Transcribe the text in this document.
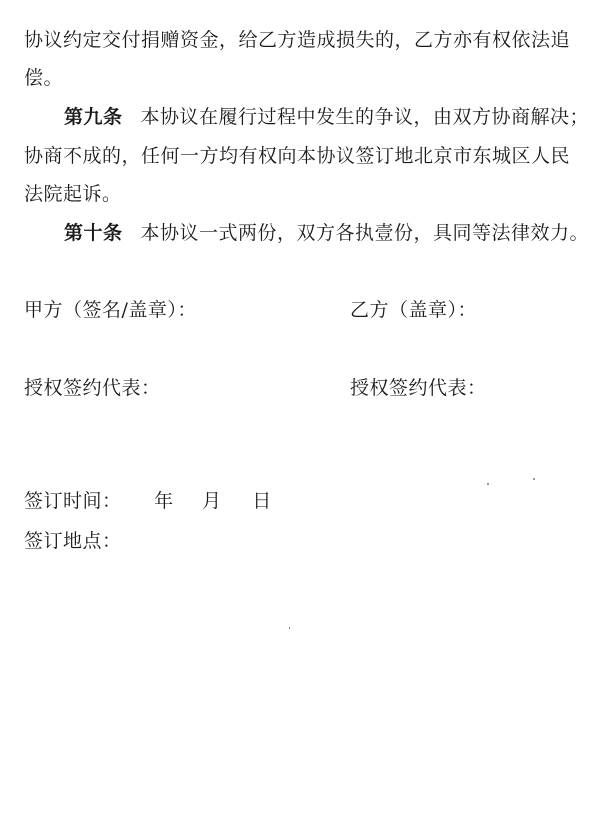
协议约定交付捐赠资金，给乙方造成损失的，乙方亦有权依法追
偿。
第九条 本协议在履行过程中发生的争议，由双方协商解决；
协商不成的，任何一方均有权向本协议签订地北京市东城区人民
法院起诉。
第十条 本协议一式两份，双方各执壹份，具同等法律效力。
甲方（签名/盖章）：	乙方（盖章）：
授权签约代表：	授权签约代表：
签订时间： 年 月 日
签订地点：
